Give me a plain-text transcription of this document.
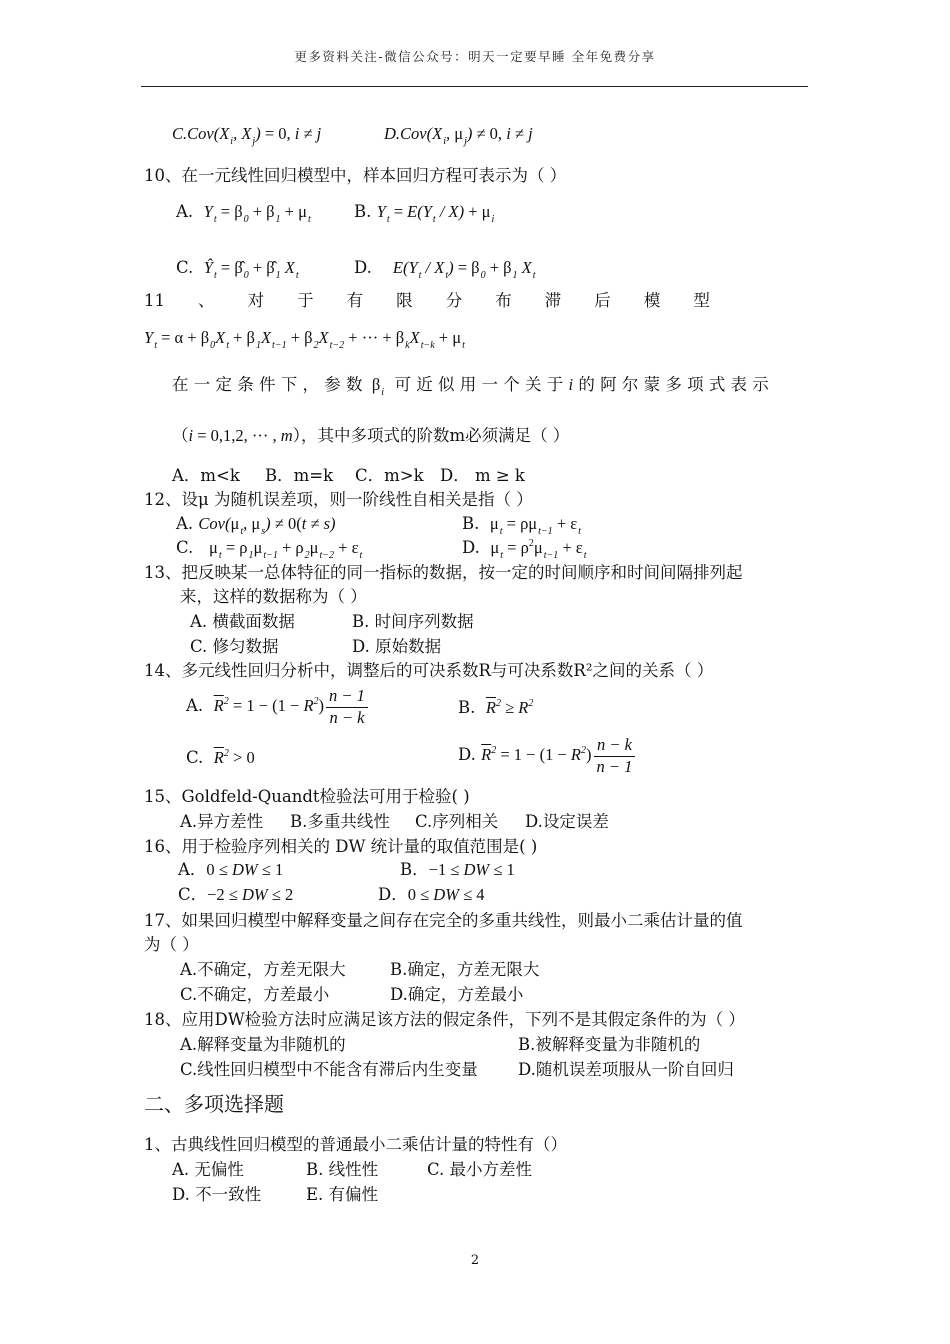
更多资料关注-微信公众号：明天一定要早睡 全年免费分享
$C.Cov(X_i$, $X_j) = 0$, i ≠ j	$D.Cov(X_i$, $\mu_j) \ne 0$, i ≠ j
10、在一元线性回归模型中，样本回归方程可表示为（ ）
A. $Y_t = \beta_0 + \beta_1 + \mu_t$	B. $Y_t = E(Y_t / X) + \mu_i$
C. $Ŷ_t$ = $\betâ_0$ + $\betâ_1$ $X_t$	D. $E(Y_t / X_t) = \beta_0 + \beta_1$ $X_t$
11 、 对 于 有 限 分 布 滞 后 模 型
$Y_t = \alpha + \beta_0X_t + \beta_1X_{t-1} + \beta_2X_{t-2}$ + ··· + $\beta_kX_{t-k} + \mu_t$
在 一 定 条 件 下 ， 参 数  $\beta_i$ 可 近 似 用 一 个 关 于 i 的 阿 尔 蒙 多 项 式 表 示
（i = 0,1,2, ··· , m），其中多项式的阶数m必须满足（ ）
A．m<k B．m=k C．m>k D． m ≥ k
12、设μ 为随机误差项，则一阶线性自相关是指（ ）
A. $Cov(\mu_t$, $\mu_s) \ne 0(t \ne s)$	B. $\mu_t = \rho\mu_{t-1} + \varepsilon_t$
C. $\mu_t = \rho_1\mu_{t-1} + \rho_2\mu_{t-2} + \varepsilon_t$	D. $\mu_t = \rho^2\mu_{t-1} + \varepsilon_t$
13、把反映某一总体特征的同一指标的数据，按一定的时间顺序和时间间隔排列起
来，这样的数据称为（ ）
A. 横截面数据	B. 时间序列数据
C. 修匀数据	D. 原始数据
14、多元线性回归分析中，调整后的可决系数R与可决系数R²之间的关系（ ）
A. $\overline{R}^2 = 1 - (1 - R^2) \frac{n - 1}{n - k}$	B. $\overline{R}^2 \ge R^2$
C. $\overline{R}^2 > 0$	D. $\overline{R}^2 = 1 - (1 - R^2) \frac{n - k}{n - 1}$
15、Goldfeld-Quandt检验法可用于检验( )
A.异方差性 B.多重共线性 C.序列相关 D.设定误差
16、用于检验序列相关的 DW 统计量的取值范围是( )
A．0 ≤ DW ≤ 1	B．−1 ≤ DW ≤ 1
C．−2 ≤ DW ≤ 2	D．0 ≤ DW ≤ 4
17、如果回归模型中解释变量之间存在完全的多重共线性，则最小二乘估计量的值
为（ ）
A.不确定，方差无限大	B.确定，方差无限大
C.不确定，方差最小	D.确定，方差最小
18、应用DW检验方法时应满足该方法的假定条件，下列不是其假定条件的为（ ）
A.解释变量为非随机的	B.被解释变量为非随机的
C.线性回归模型中不能含有滞后内生变量 D.随机误差项服从一阶自回归
二、多项选择题
1、古典线性回归模型的普通最小二乘估计量的特性有（）
A. 无偏性	B. 线性性	C. 最小方差性
D. 不一致性	E. 有偏性
2
